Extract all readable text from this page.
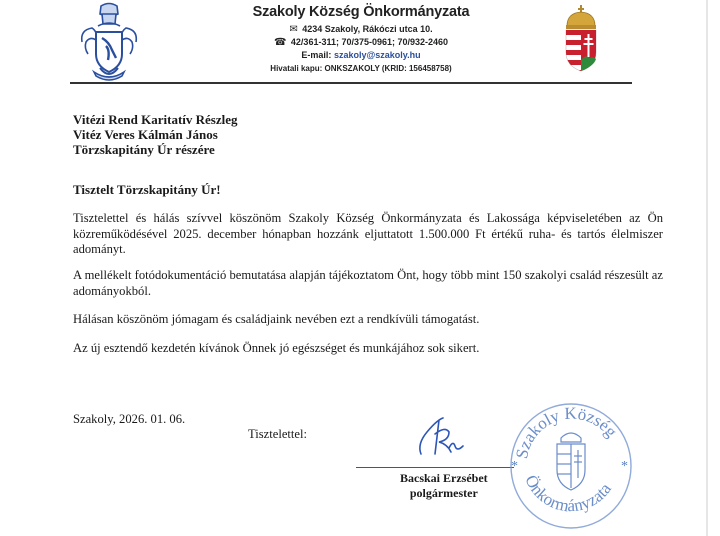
Szakoly Község Önkormányzata
✉ 4234 Szakoly, Rákóczi utca 10.
☎ 42/361-311; 70/375-0961; 70/932-2460
E-mail: szakoly@szakoly.hu
Hivatali kapu: ONKSZAKOLY (KRID: 156458758)
Vitézi Rend Karitatív Részleg
Vitéz Veres Kálmán János
Törzskapitány Úr részére
Tisztelt Törzskapitány Úr!
Tisztelettel és hálás szívvel köszönöm Szakoly Község Önkormányzata és Lakossága képviseletében az Ön közreműködésével 2025. december hónapban hozzánk eljuttatott 1.500.000 Ft értékű ruha- és tartós élelmiszer adományt.
A mellékelt fotódokumentáció bemutatása alapján tájékoztatom Önt, hogy több mint 150 szakolyi család részesült az adományokból.
Hálásan köszönöm jómagam és családjaink nevében ezt a rendkívüli támogatást.
Az új esztendő kezdetén kívánok Önnek jó egészséget és munkájához sok sikert.
Szakoly, 2026. 01. 06.
Tisztelettel:
Bacskai Erzsébet
polgármester
Szakoly Község
Önkormányzata
*	*
